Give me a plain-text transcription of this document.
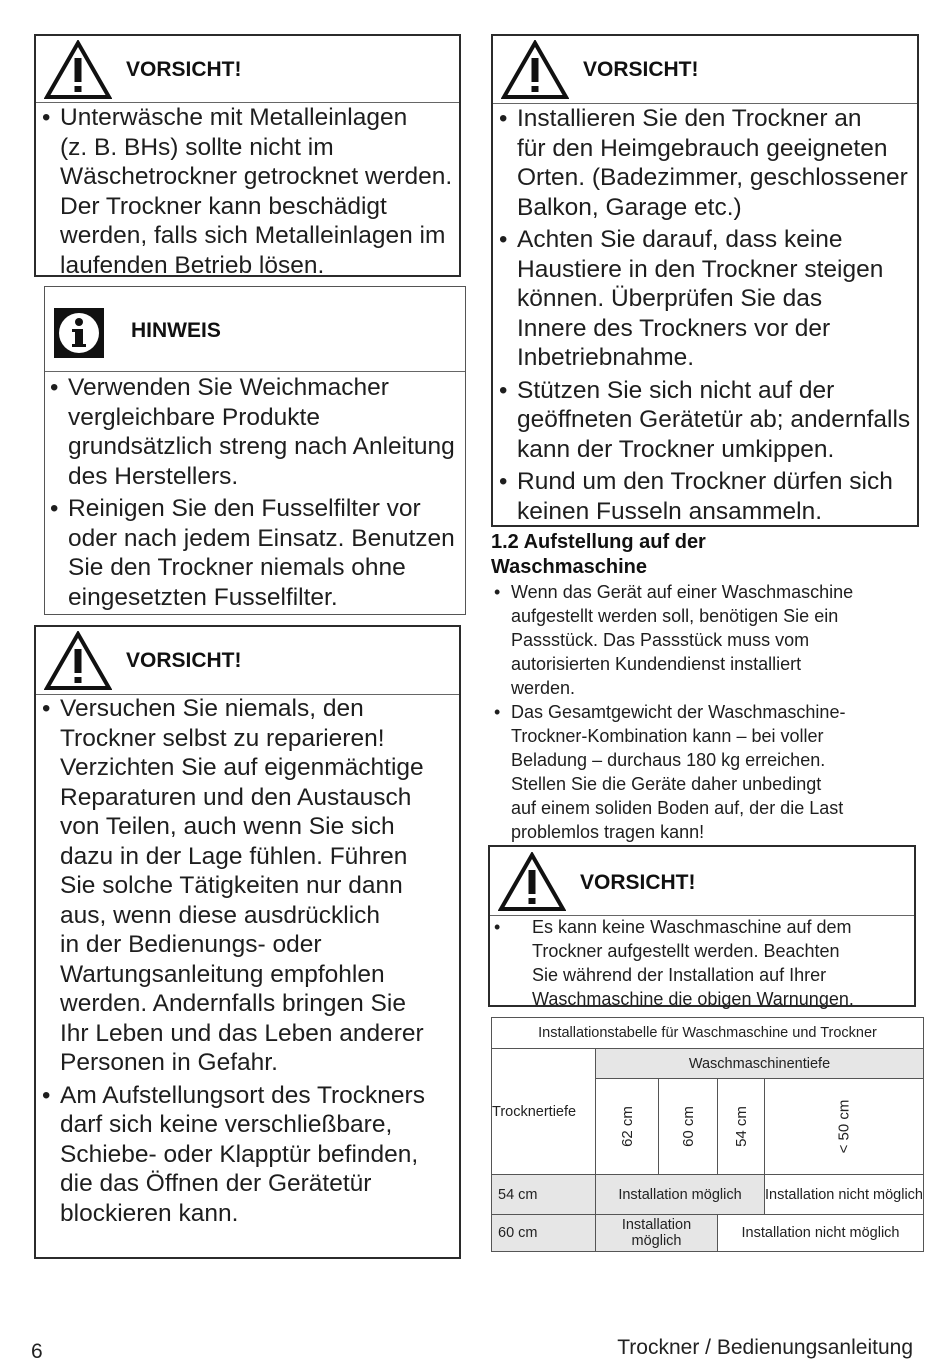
VORSICHT!
• Unterwäsche mit Metalleinlagen
(z. B. BHs) sollte nicht im
Wäschetrockner getrocknet werden.
Der Trockner kann beschädigt
werden, falls sich Metalleinlagen im
laufenden Betrieb lösen.
HINWEIS
• Verwenden Sie Weichmacher
vergleichbare Produkte
grundsätzlich streng nach Anleitung
des Herstellers.
• Reinigen Sie den Fusselfilter vor
oder nach jedem Einsatz. Benutzen
Sie den Trockner niemals ohne
eingesetzten Fusselfilter.
VORSICHT!
• Versuchen Sie niemals, den
Trockner selbst zu reparieren!
Verzichten Sie auf eigenmächtige
Reparaturen und den Austausch
von Teilen, auch wenn Sie sich
dazu in der Lage fühlen. Führen
Sie solche Tätigkeiten nur dann
aus, wenn diese ausdrücklich
in der Bedienungs- oder
Wartungsanleitung empfohlen
werden. Andernfalls bringen Sie
Ihr Leben und das Leben anderer
Personen in Gefahr.
• Am Aufstellungsort des Trockners
darf sich keine verschließbare,
Schiebe- oder Klapptür befinden,
die das Öffnen der Gerätetür
blockieren kann.
VORSICHT!
• Installieren Sie den Trockner an
für den Heimgebrauch geeigneten
Orten. (Badezimmer, geschlossener
Balkon, Garage etc.)
• Achten Sie darauf, dass keine
Haustiere in den Trockner steigen
können. Überprüfen Sie das
Innere des Trockners vor der
Inbetriebnahme.
• Stützen Sie sich nicht auf der
geöffneten Gerätetür ab; andernfalls
kann der Trockner umkippen.
• Rund um den Trockner dürfen sich
keinen Fusseln ansammeln.
1.2 Aufstellung auf der
Waschmaschine
• Wenn das Gerät auf einer Waschmaschine
aufgestellt werden soll, benötigen Sie ein
Passstück. Das Passstück muss vom
autorisierten Kundendienst installiert
werden.
• Das Gesamtgewicht der Waschmaschine-
Trockner-Kombination kann – bei voller
Beladung – durchaus 180 kg erreichen.
Stellen Sie die Geräte daher unbedingt
auf einem soliden Boden auf, der die Last
problemlos tragen kann!
VORSICHT!
• Es kann keine Waschmaschine auf dem
Trockner aufgestellt werden. Beachten
Sie während der Installation auf Ihrer
Waschmaschine die obigen Warnungen.
Installationstabelle für Waschmaschine und Trockner				
Trocknertiefe	Waschmaschinentiefe			
	62 cm	60 cm	54 cm	< 50 cm
54 cm	Installation möglich			Installation nicht möglich
60 cm	Installation möglich		Installation nicht möglich	
6	Trockner / Bedienungsanleitung
